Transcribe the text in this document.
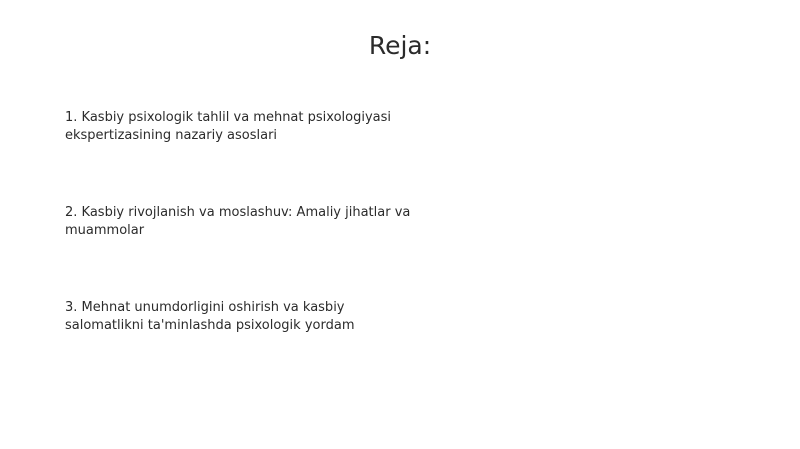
Reja:
1. Kasbiy psixologik tahlil va mehnat psixologiyasi ekspertizasining nazariy asoslari
2. Kasbiy rivojlanish va moslashuv: Amaliy jihatlar va muammolar
3. Mehnat unumdorligini oshirish va kasbiy salomatlikni ta'minlashda psixologik yordam
